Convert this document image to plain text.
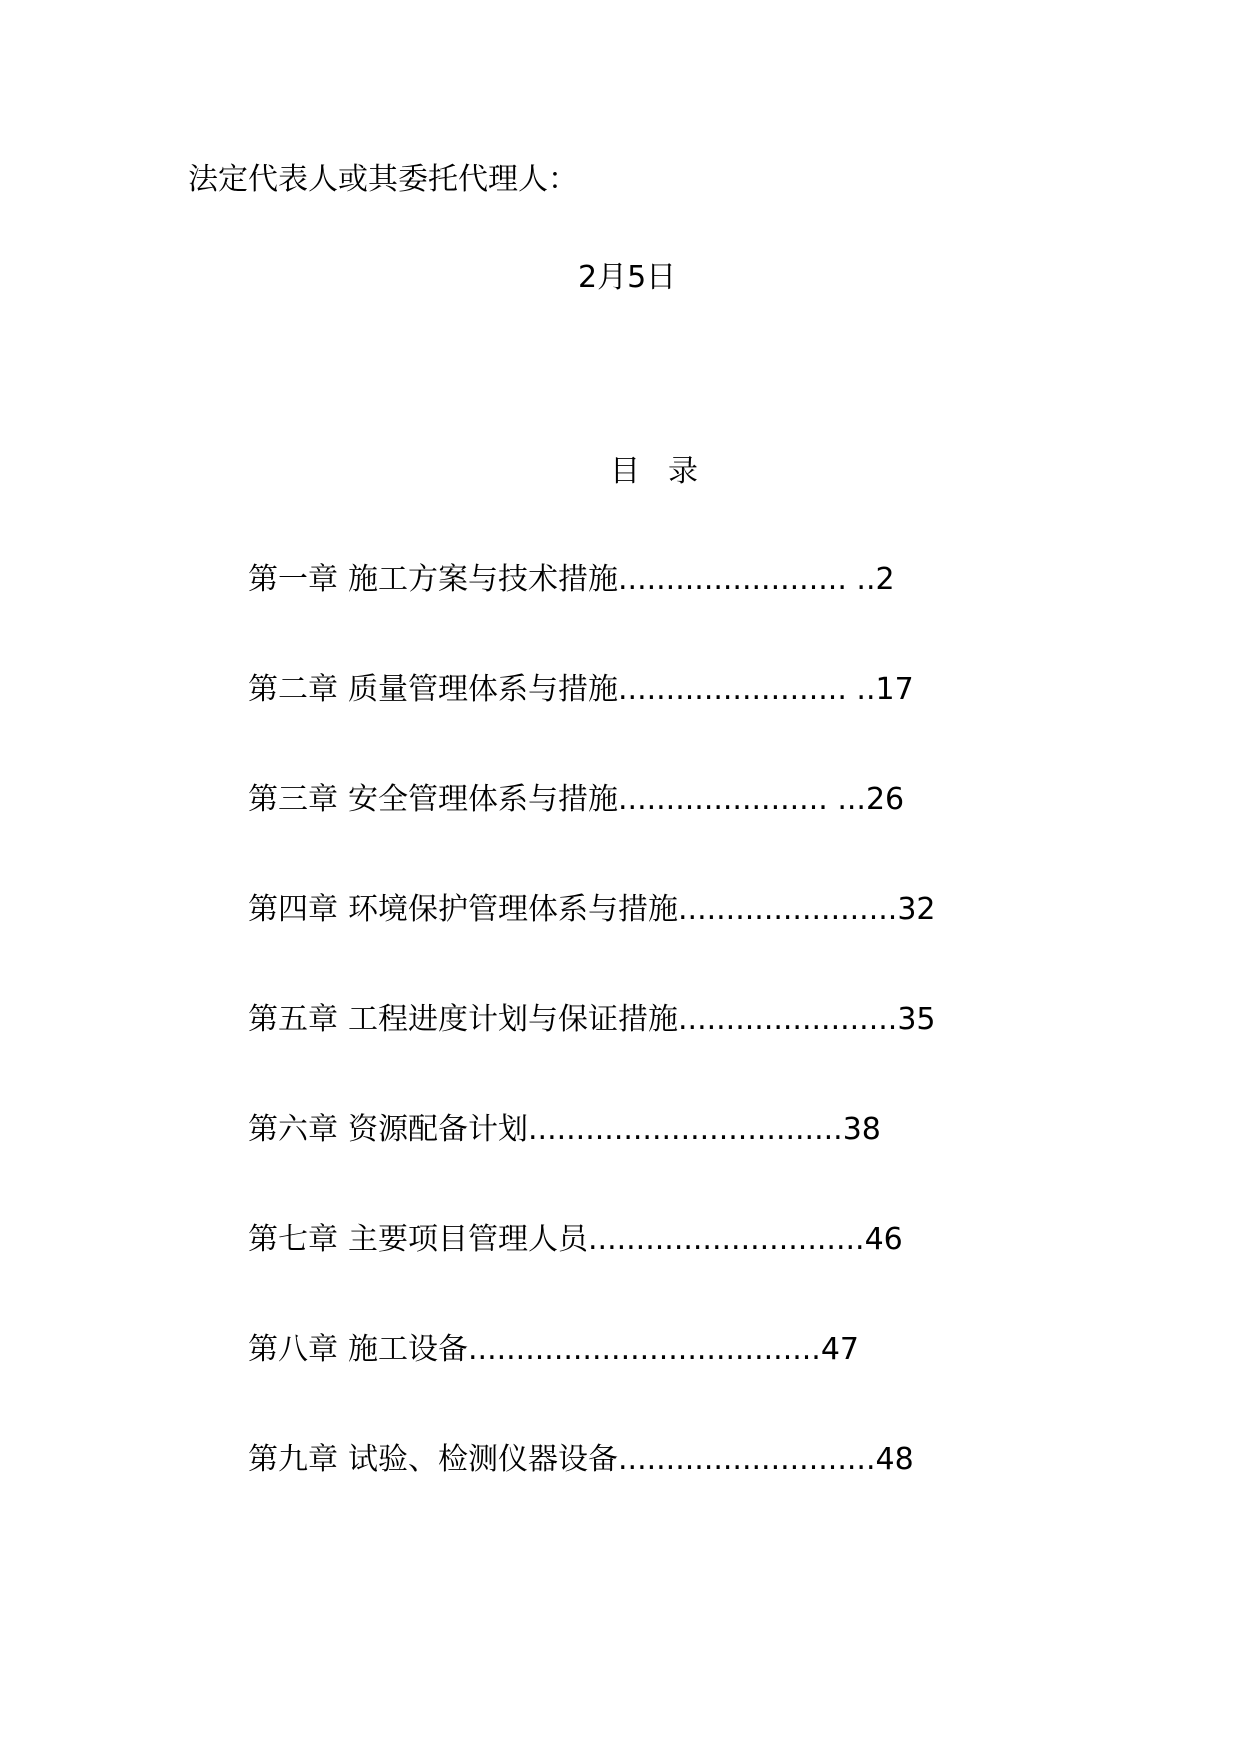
法定代表人或其委托代理人：
2月5日
目录
第一章 施工方案与技术措施........................ ..2
第二章 质量管理体系与措施........................ ..17
第三章 安全管理体系与措施...................... ...26
第四章 环境保护管理体系与措施.......................32
第五章 工程进度计划与保证措施.......................35
第六章 资源配备计划.................................38
第七章 主要项目管理人员.............................46
第八章 施工设备.....................................47
第九章 试验、检测仪器设备...........................48
